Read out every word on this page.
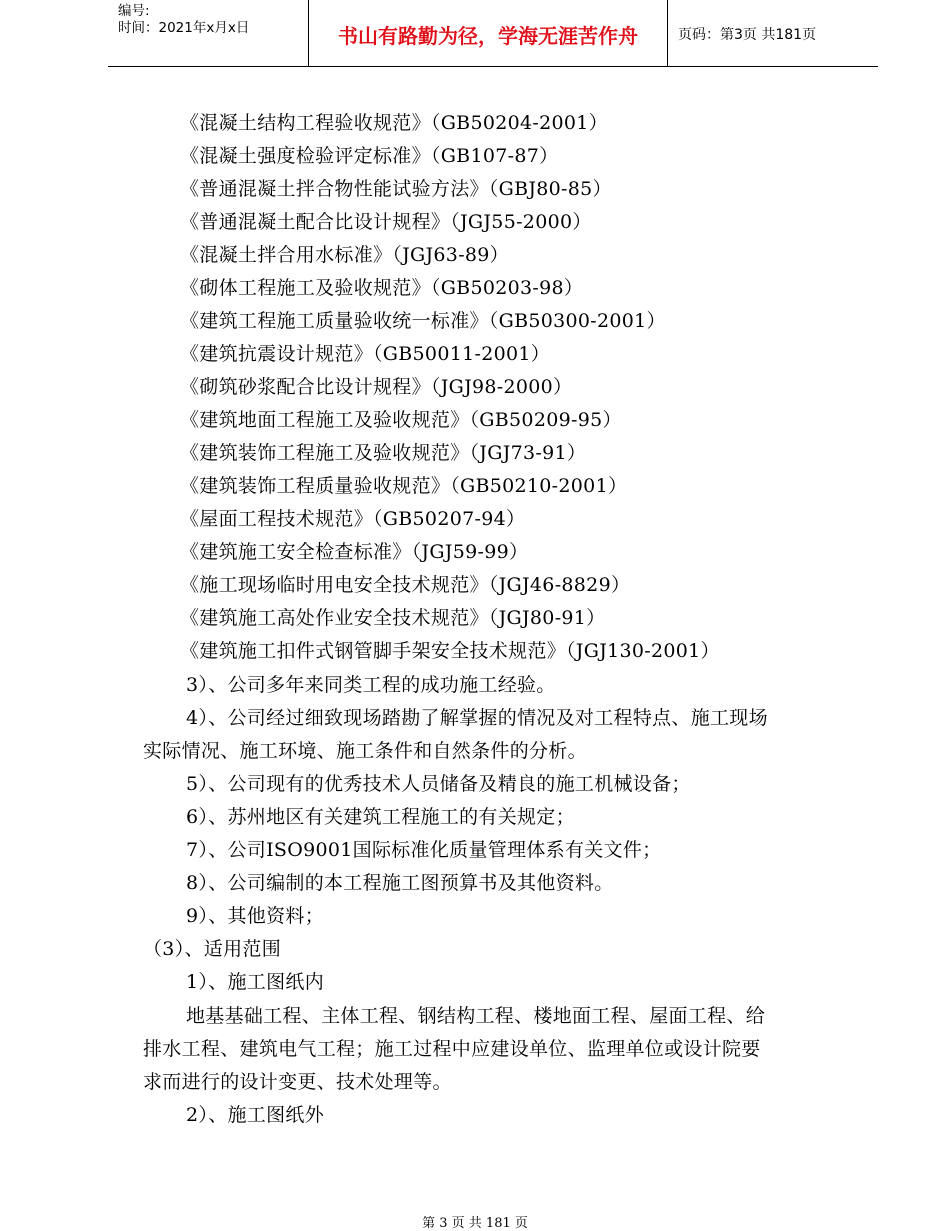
编号:
时间：2021年x月x日	书山有路勤为径，学海无涯苦作舟	页码：第3页 共181页
《混凝土结构工程验收规范》（GB50204-2001）
《混凝土强度检验评定标准》（GB107-87）
《普通混凝土拌合物性能试验方法》（GBJ80-85）
《普通混凝土配合比设计规程》（JGJ55-2000）
《混凝土拌合用水标准》（JGJ63-89）
《砌体工程施工及验收规范》（GB50203-98）
《建筑工程施工质量验收统一标准》（GB50300-2001）
《建筑抗震设计规范》（GB50011-2001）
《砌筑砂浆配合比设计规程》（JGJ98-2000）
《建筑地面工程施工及验收规范》（GB50209-95）
《建筑装饰工程施工及验收规范》（JGJ73-91）
《建筑装饰工程质量验收规范》（GB50210-2001）
《屋面工程技术规范》（GB50207-94）
《建筑施工安全检查标准》（JGJ59-99）
《施工现场临时用电安全技术规范》（JGJ46-8829）
《建筑施工高处作业安全技术规范》（JGJ80-91）
《建筑施工扣件式钢管脚手架安全技术规范》（JGJ130-2001）
3）、公司多年来同类工程的成功施工经验。
4）、公司经过细致现场踏勘了解掌握的情况及对工程特点、施工现场
实际情况、施工环境、施工条件和自然条件的分析。
5）、公司现有的优秀技术人员储备及精良的施工机械设备；
6）、苏州地区有关建筑工程施工的有关规定；
7）、公司ISO9001国际标准化质量管理体系有关文件；
8）、公司编制的本工程施工图预算书及其他资料。
9）、其他资料；
（3）、适用范围
1）、施工图纸内
地基基础工程、主体工程、钢结构工程、楼地面工程、屋面工程、给
排水工程、建筑电气工程；施工过程中应建设单位、监理单位或设计院要
求而进行的设计变更、技术处理等。
2）、施工图纸外
第 3 页 共 181 页
